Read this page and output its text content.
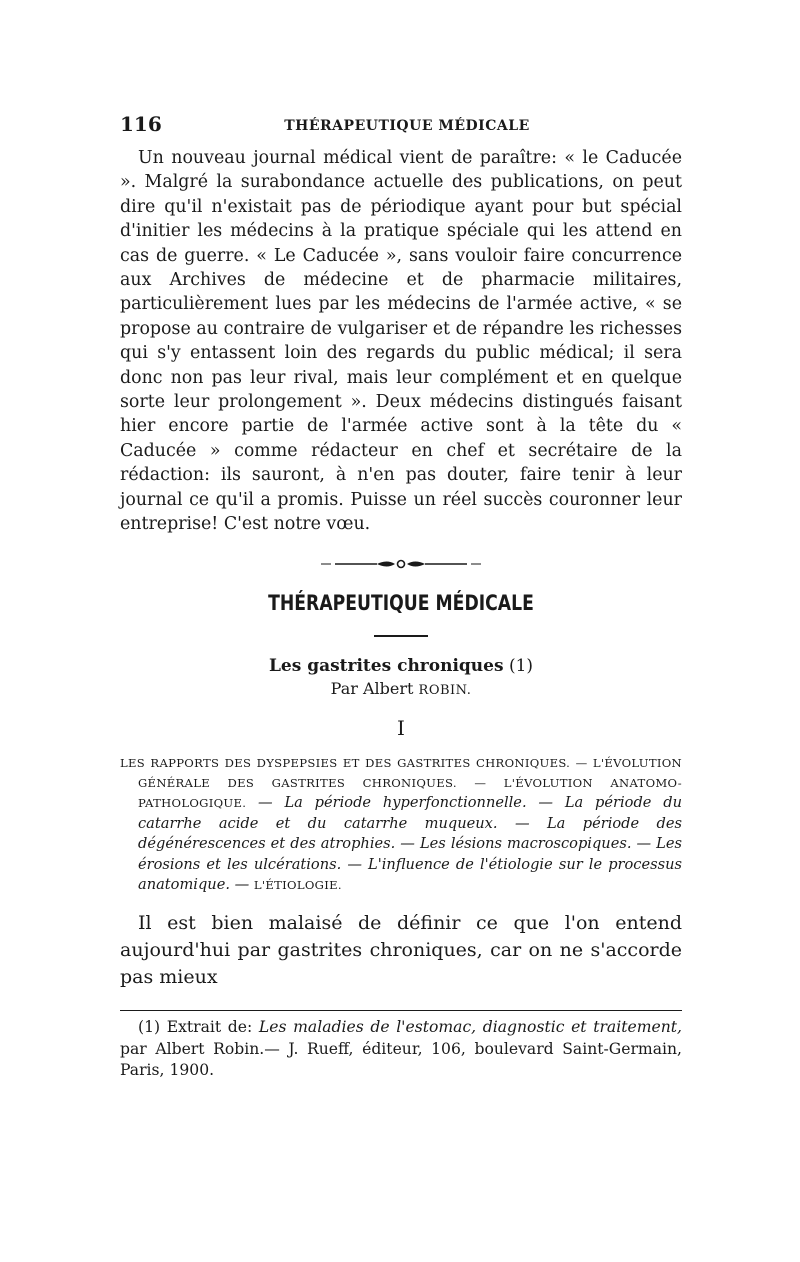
116	THÉRAPEUTIQUE MÉDICALE

Un nouveau journal médical vient de paraître: « le Caducée ». Malgré la surabondance actuelle des publications, on peut dire qu'il n'existait pas de périodique ayant pour but spécial d'initier les médecins à la pratique spéciale qui les attend en cas de guerre. « Le Caducée », sans vouloir faire concurrence aux Archives de médecine et de pharmacie militaires, particulièrement lues par les médecins de l'armée active, « se propose au contraire de vulgariser et de répandre les richesses qui s'y entassent loin des regards du public médical; il sera donc non pas leur rival, mais leur complément et en quelque sorte leur prolongement ». Deux médecins distingués faisant hier encore partie de l'armée active sont à la tête du « Caducée » comme rédacteur en chef et secrétaire de la rédaction: ils sauront, à n'en pas douter, faire tenir à leur journal ce qu'il a promis. Puisse un réel succès couronner leur entreprise! C'est notre vœu.

THÉRAPEUTIQUE MÉDICALE
Les gastrites chroniques (1)
Par Albert ROBIN.
I

LES RAPPORTS DES DYSPEPSIES ET DES GASTRITES CHRONIQUES. — L'ÉVOLUTION GÉNÉRALE DES GASTRITES CHRONIQUES. — L'ÉVOLUTION ANATOMO-PATHOLOGIQUE. — La période hyperfonctionnelle. — La période du catarrhe acide et du catarrhe muqueux. — La période des dégénérescences et des atrophies. — Les lésions macroscopiques. — Les érosions et les ulcérations. — L'influence de l'étiologie sur le processus anatomique. — L'ÉTIOLOGIE.

Il est bien malaisé de définir ce que l'on entend aujourd'hui par gastrites chroniques, car on ne s'accorde pas mieux

(1) Extrait de: Les maladies de l'estomac, diagnostic et traitement, par Albert Robin.— J. Rueff, éditeur, 106, boulevard Saint-Germain, Paris, 1900.
